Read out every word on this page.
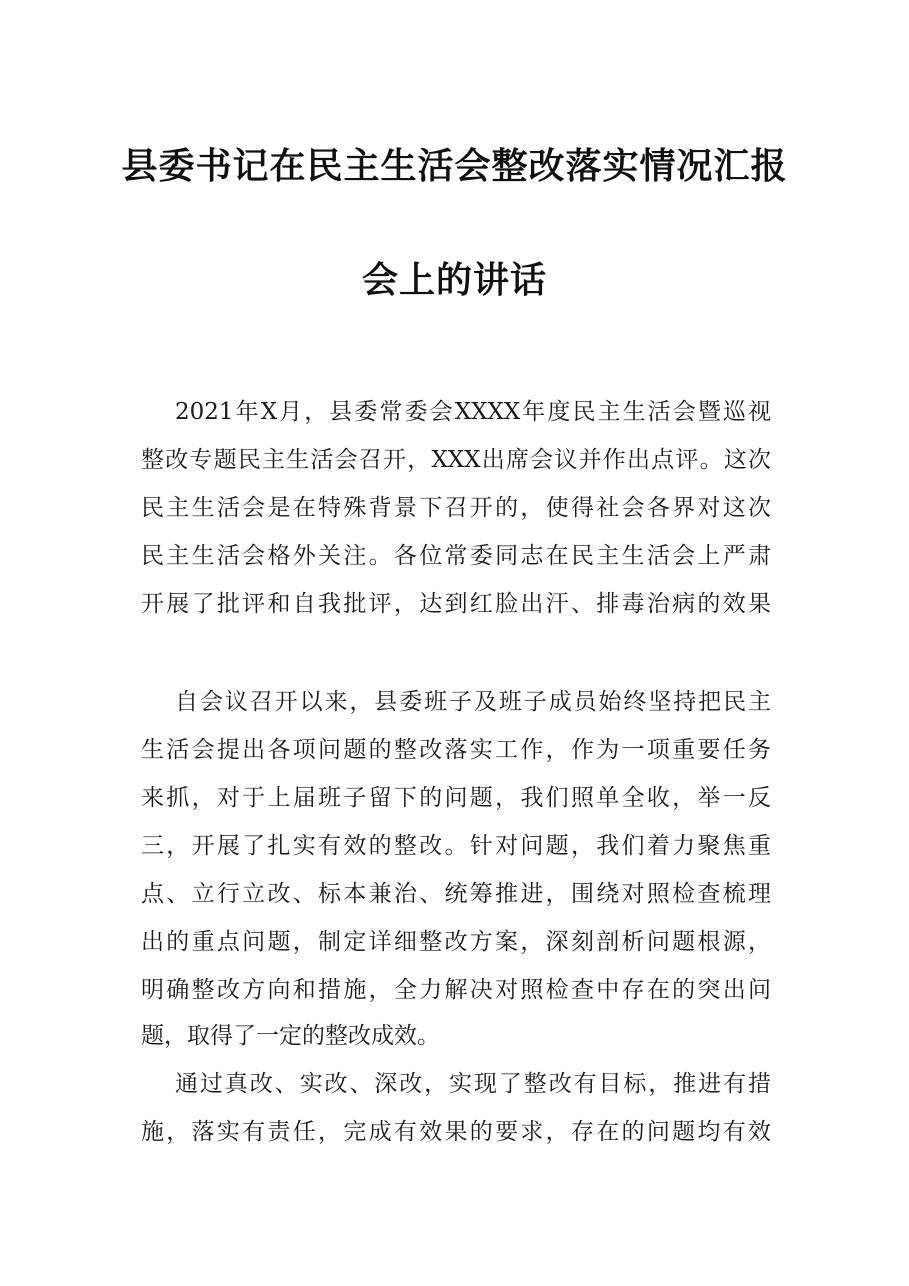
县委书记在民主生活会整改落实情况汇报
会上的讲话
2021年X月，县委常委会XXXX年度民主生活会暨巡视
整改专题民主生活会召开，XXX出席会议并作出点评。这次
民主生活会是在特殊背景下召开的，使得社会各界对这次
民主生活会格外关注。各位常委同志在民主生活会上严肃
开展了批评和自我批评，达到红脸出汗、排毒治病的效果
自会议召开以来，县委班子及班子成员始终坚持把民主
生活会提出各项问题的整改落实工作，作为一项重要任务
来抓，对于上届班子留下的问题，我们照单全收，举一反
三，开展了扎实有效的整改。针对问题，我们着力聚焦重
点、立行立改、标本兼治、统筹推进，围绕对照检查梳理
出的重点问题，制定详细整改方案，深刻剖析问题根源，
明确整改方向和措施，全力解决对照检查中存在的突出问
题，取得了一定的整改成效。
通过真改、实改、深改，实现了整改有目标，推进有措
施，落实有责任，完成有效果的要求，存在的问题均有效
